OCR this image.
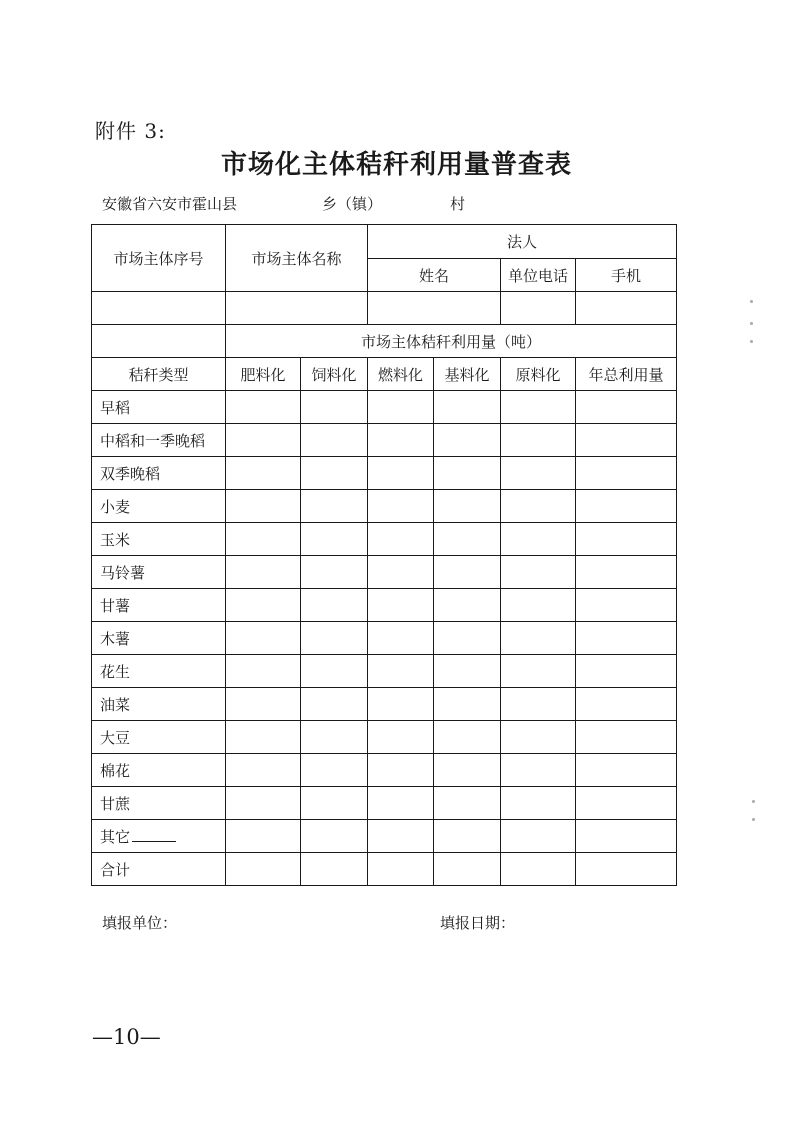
附件 3:
市场化主体秸秆利用量普查表
安徽省六安市霍山县	乡（镇）	村
市场主体序号	市场主体名称		法人			
			姓名		单位电话	手机

	市场主体秸秆利用量（吨）					
秸秆类型	肥料化	饲料化	燃料化	基料化	原料化	年总利用量
早稻						
中稻和一季晚稻						
双季晚稻						
小麦						
玉米						
马铃薯						
甘薯						
木薯						
花生						
油菜						
大豆						
棉花						
甘蔗						
其它						
合计						
填报单位：	填报日期：
—10—
